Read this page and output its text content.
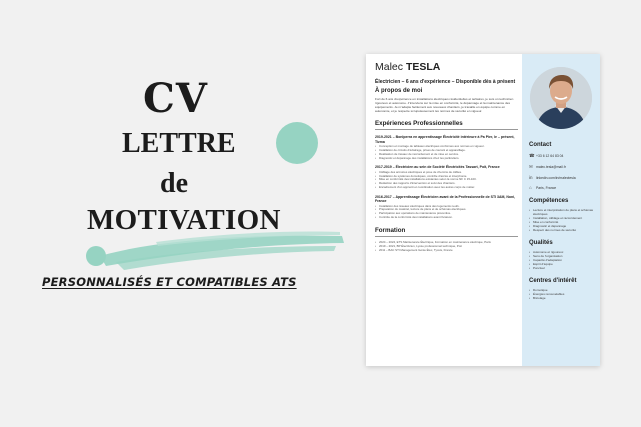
CV
LETTRE
de
MOTIVATION
PERSONNALISÉS ET COMPATIBLES ATS
Malec TESLA
Électricien – 6 ans d'expérience – Disponible dès à présent
À propos de moi
Fort de 6 ans d'expérience en installations électriques résidentielles et tertiaires, je suis un technicien rigoureux et autonome. J'interviens sur la mise en conformité, le dépannage et la maintenance des équipements. Je m'adapte facilement aux nouveaux chantiers, je travaille en équipe comme en autonomie, et je respecte scrupuleusement les normes de sécurité en vigueur.
Expériences Professionnelles
2019-2021 – Bonlperra en apprentissage Électricité intérieure à Pa Pier, le – présent, Tizma
• Conception et montage de tableaux électriques conformes aux normes en vigueur.
• Installation de circuits d'éclairage, prises de courant et appareillage.
• Réalisation de travaux de raccordement et de mise en service.
• Diagnostic et dépannage des installations chez les particuliers.
2017-2019 – Électricien au sein de Société Électricités Tassart, Poit, France
• Câblage des armoires électriques et pose de chemins de câbles.
• Installation de systèmes domotiques, contrôle d'accès et interphonie.
• Mise en conformité des installations existantes selon la norme NF C 15-100.
• Rédaction des rapports d'intervention et suivi des chantiers.
• Encadrement d'un apprenti et coordination avec les autres corps de métier.
2016-2017 – Apprentissage Électricien avant de la Professionnelle de STI 3AM, Noni, France
• Installation des réseaux électriques dans des logements neufs.
• Préparation du matériel, lecture de plans et de schémas électriques.
• Participation aux opérations de maintenance préventive.
• Contrôle de la conformité des installations avant livraison.
Formation
• 2024 – 2024, ETS Maintenance Électrique, Formation en maintenance électrique, Paris
• 2019 – 2021, BP Électricien, Lycée professionnel technique, Poit
• 2011 – BAC STI Management Génie Élec, Tyoxis, France
Contact
☎ +33 6 12 64 83 04
✉ malec.tesla@mail.fr
in	linkedin.com/in/malectesla
⌂	Paris, France
Compétences
• Lecture et interprétation de plans et schémas électriques
• Installation, câblage et raccordement
• Mise en conformité
• Diagnostic et dépannage
• Respect des normes de sécurité
Qualités
• Autonome et rigoureux
• Sens de l'organisation
• Capacité d'adaptation
• Esprit d'équipe
• Ponctuel
Centres d'intérêt
• Domotique
• Énergies renouvelables
• Bricolage
